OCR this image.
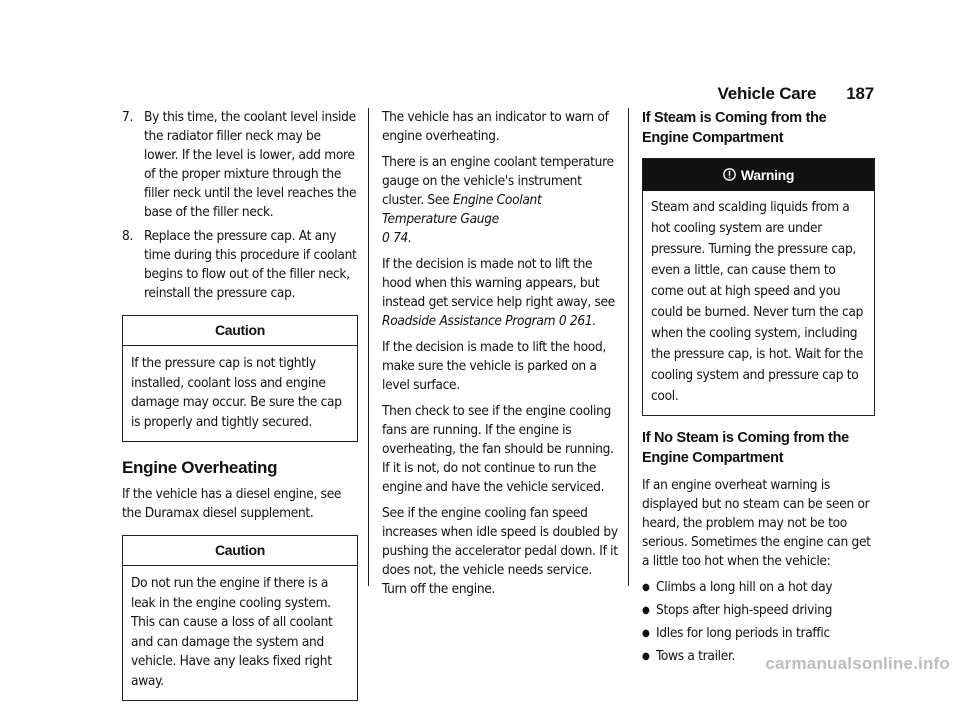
Vehicle Care 187
7. By this time, the coolant level inside the radiator filler neck may be lower. If the level is lower, add more of the proper mixture through the filler neck until the level reaches the base of the filler neck.
8. Replace the pressure cap. At any time during this procedure if coolant begins to flow out of the filler neck, reinstall the pressure cap.
Caution
If the pressure cap is not tightly installed, coolant loss and engine damage may occur. Be sure the cap is properly and tightly secured.
Engine Overheating

If the vehicle has a diesel engine, see the Duramax diesel supplement.

Caution
Do not run the engine if there is a leak in the engine cooling system. This can cause a loss of all coolant and can damage the system and vehicle. Have any leaks fixed right away.

The vehicle has an indicator to warn of engine overheating.

There is an engine coolant temperature gauge on the vehicle's instrument cluster. See Engine Coolant Temperature Gauge
0 74.

If the decision is made not to lift the hood when this warning appears, but instead get service help right away, see Roadside Assistance Program 0 261.

If the decision is made to lift the hood, make sure the vehicle is parked on a level surface.

Then check to see if the engine cooling fans are running. If the engine is overheating, the fan should be running. If it is not, do not continue to run the engine and have the vehicle serviced.

See if the engine cooling fan speed increases when idle speed is doubled by pushing the accelerator pedal down. If it does not, the vehicle needs service. Turn off the engine.

If Steam is Coming from the Engine Compartment
Warning
Steam and scalding liquids from a hot cooling system are under pressure. Turning the pressure cap, even a little, can cause them to come out at high speed and you could be burned. Never turn the cap when the cooling system, including the pressure cap, is hot. Wait for the cooling system and pressure cap to cool.
If No Steam is Coming from the Engine Compartment

If an engine overheat warning is displayed but no steam can be seen or heard, the problem may not be too serious. Sometimes the engine can get a little too hot when the vehicle:

● Climbs a long hill on a hot day
● Stops after high-speed driving
● Idles for long periods in traffic
● Tows a trailer. carmanualsonline.info
